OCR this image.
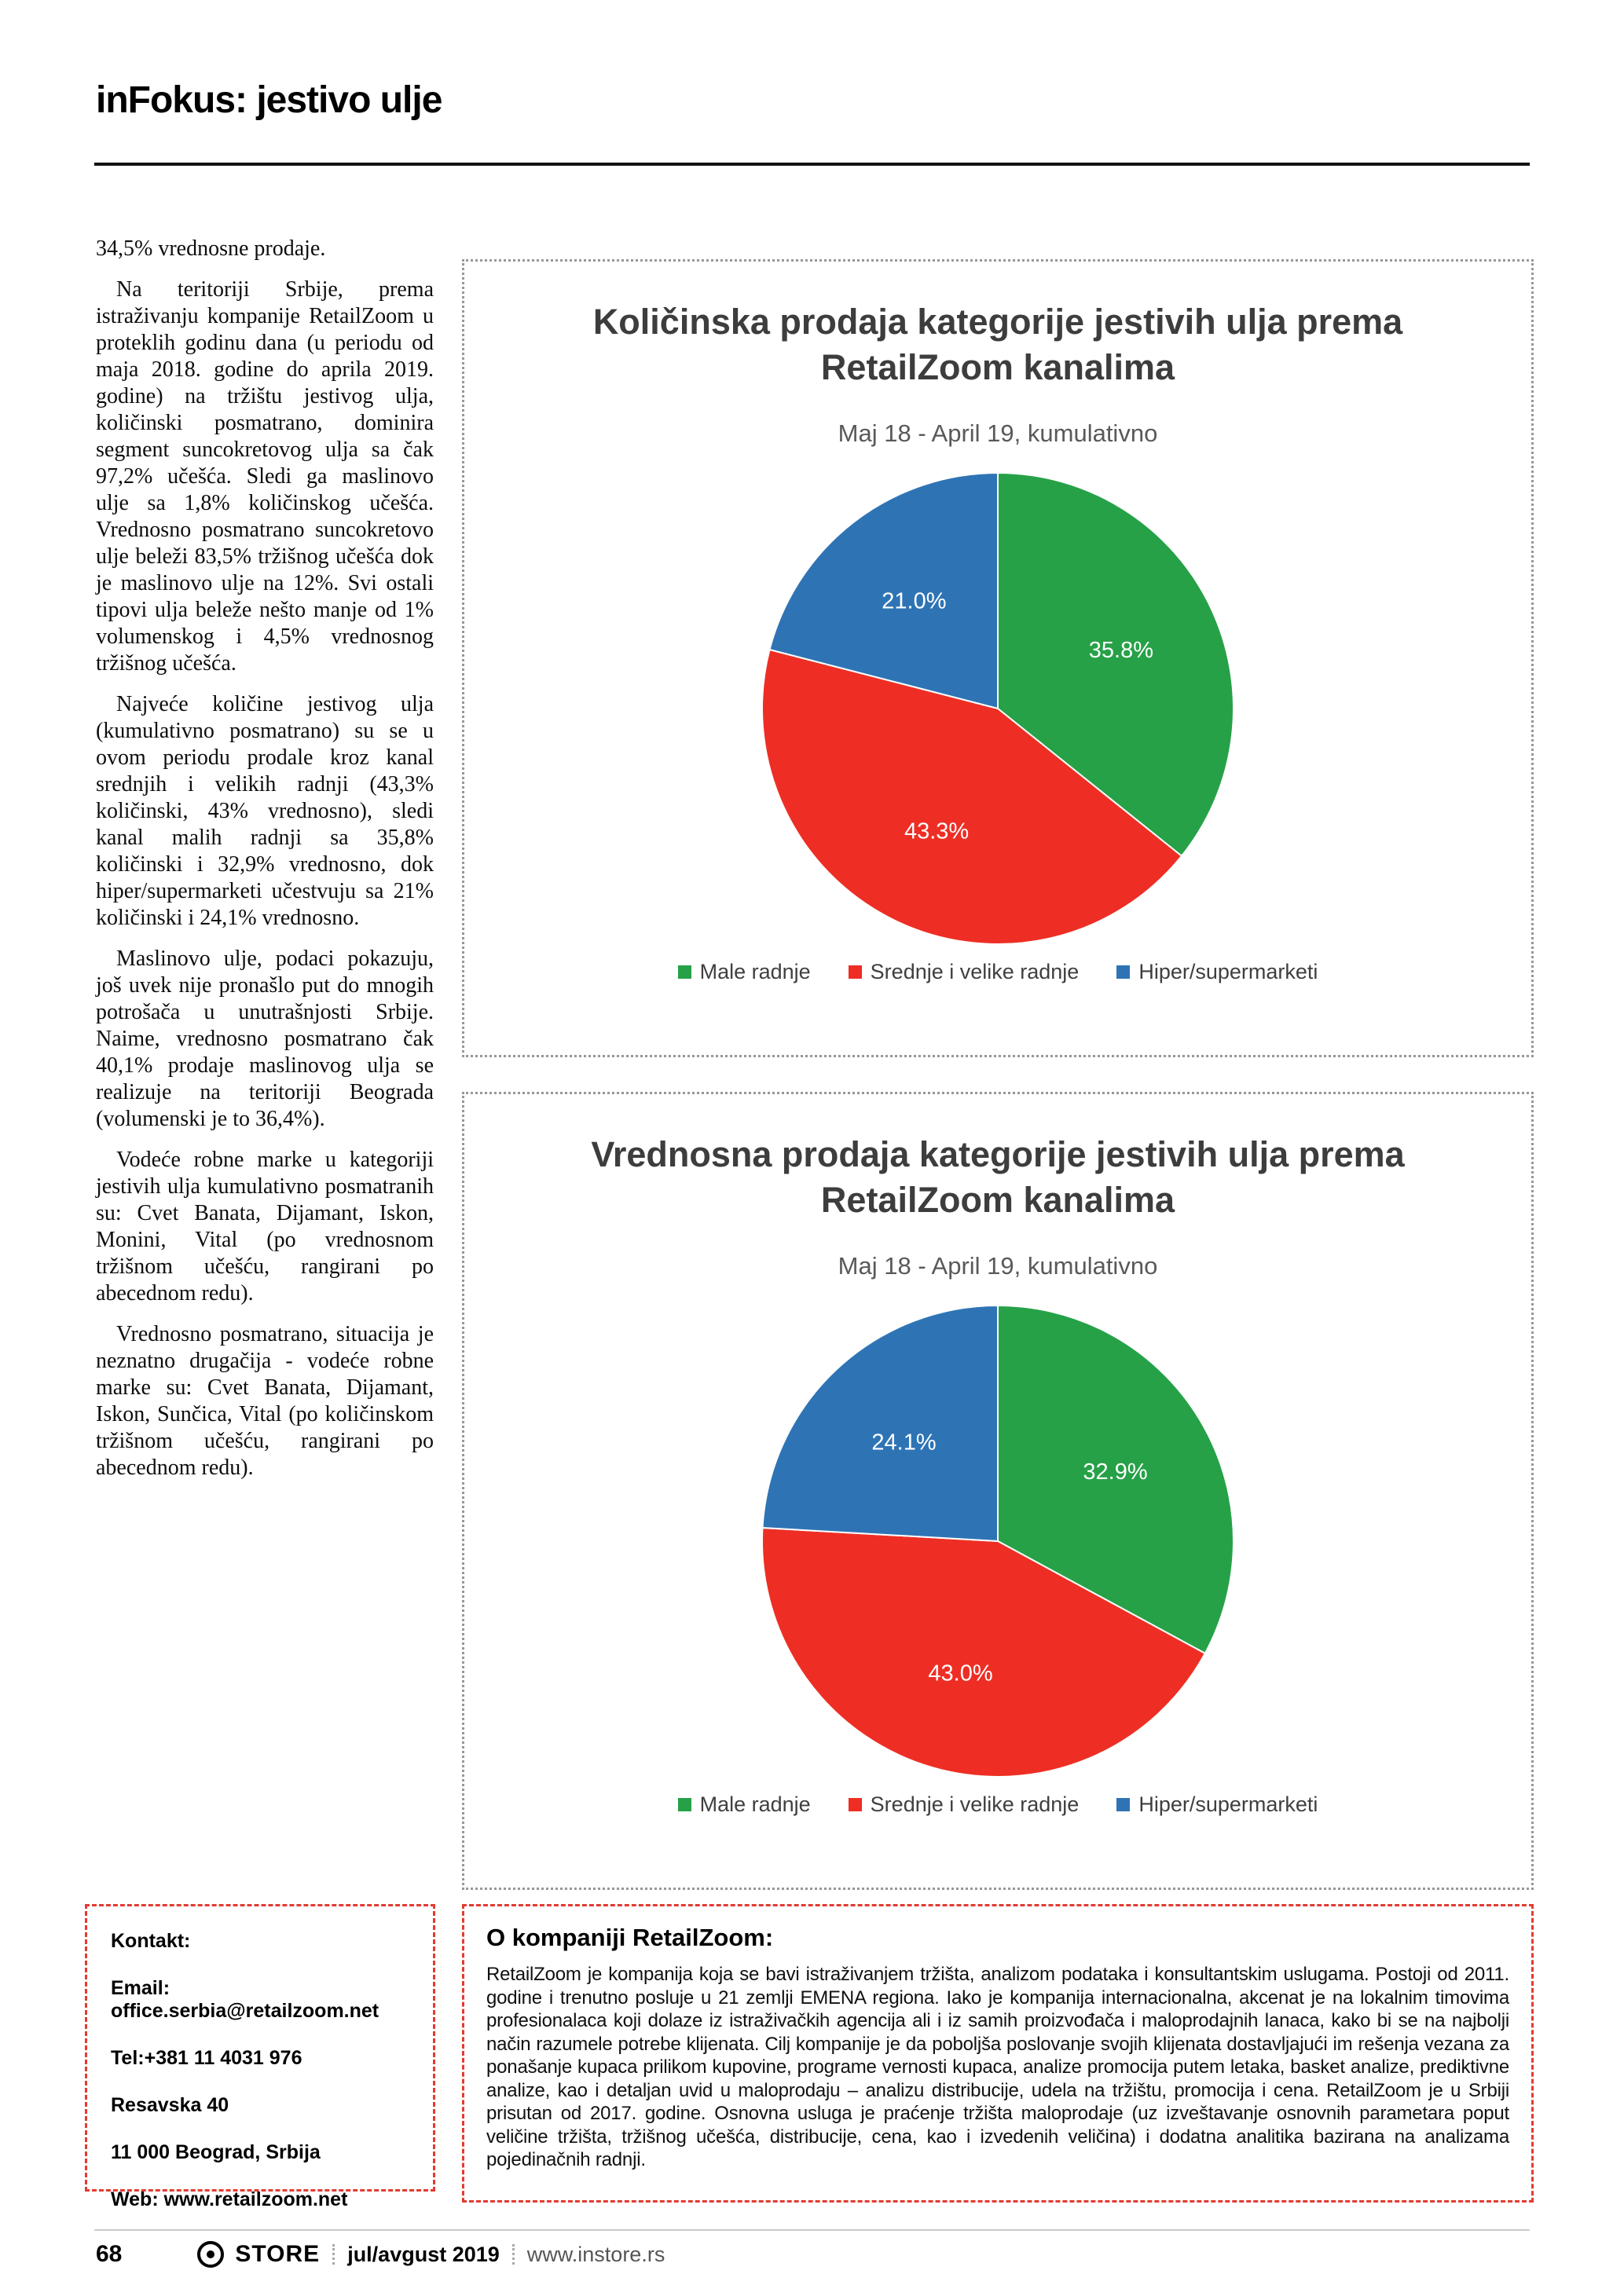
inFokus: jestivo ulje

34,5% vrednosne prodaje.

Na teritoriji Srbije, prema istraživanju kompanije RetailZoom u proteklih godinu dana (u periodu od maja 2018. godine do aprila 2019. godine) na tržištu jestivog ulja, količinski posmatrano, dominira segment suncokretovog ulja sa čak 97,2% učešća. Sledi ga maslinovo ulje sa 1,8% količinskog učešća. Vrednosno posmatrano suncokretovo ulje beleži 83,5% tržišnog učešća dok je maslinovo ulje na 12%. Svi ostali tipovi ulja beleže nešto manje od 1% volumenskog i 4,5% vrednosnog tržišnog učešća.

Najveće količine jestivog ulja (kumulativno posmatrano) su se u ovom periodu prodale kroz kanal srednjih i velikih radnji (43,3% količinski, 43% vrednosno), sledi kanal malih radnji sa 35,8% količinski i 32,9% vrednosno, dok hiper/supermarketi učestvuju sa 21% količinski i 24,1% vrednosno.

Maslinovo ulje, podaci pokazuju, još uvek nije pronašlo put do mnogih potrošača u unutrašnjosti Srbije. Naime, vrednosno posmatrano čak 40,1% prodaje maslinovog ulja se realizuje na teritoriji Beograda (volumenski je to 36,4%).

Vodeće robne marke u kategoriji jestivih ulja kumulativno posmatranih su: Cvet Banata, Dijamant, Iskon, Monini, Vital (po vrednosnom tržišnom učešću, rangirani po abecednom redu).

Vrednosno posmatrano, situacija je neznatno drugačija - vodeće robne marke su: Cvet Banata, Dijamant, Iskon, Sunčica, Vital (po količinskom tržišnom učešću, rangirani po abecednom redu).

Količinska prodaja kategorije jestivih ulja prema RetailZoom kanalima
Maj 18 - April 19, kumulativno
35.8%
43.3%
21.0%
Male radnje	Srednje i velike radnje	Hiper/supermarketi
Vrednosna prodaja kategorije jestivih ulja prema RetailZoom kanalima
Maj 18 - April 19, kumulativno
32.9%
43.0%
24.1%
Male radnje	Srednje i velike radnje	Hiper/supermarketi
Kontakt:
Email: office.serbia@retailzoom.net
Tel:+381 11 4031 976
Resavska 40
11 000 Beograd, Srbija
Web: www.retailzoom.net
O kompaniji RetailZoom:

RetailZoom je kompanija koja se bavi istraživanjem tržišta, analizom podataka i konsultantskim uslugama. Postoji od 2011. godine i trenutno posluje u 21 zemlji EMENA regiona. Iako je kompanija internacionalna, akcenat je na lokalnim timovima profesionalaca koji dolaze iz istraživačkih agencija ali i iz samih proizvođača i maloprodajnih lanaca, kako bi se na najbolji način razumele potrebe klijenata. Cilj kompanije je da poboljša poslovanje svojih klijenata dostavljajući im rešenja vezana za ponašanje kupaca prilikom kupovine, programe vernosti kupaca, analize promocija putem letaka, basket analize, prediktivne analize, kao i detaljan uvid u maloprodaju – analizu distribucije, udela na tržištu, promocija i cena. RetailZoom je u Srbiji prisutan od 2017. godine. Osnovna usluga je praćenje tržišta maloprodaje (uz izveštavanje osnovnih parametara poput veličine tržišta, tržišnog učešća, distribucije, cena, kao i izvedenih veličina) i dodatna analitika bazirana na analizama pojedinačnih radnji.

68	STORE jul/avgust 2019 www.instore.rs
